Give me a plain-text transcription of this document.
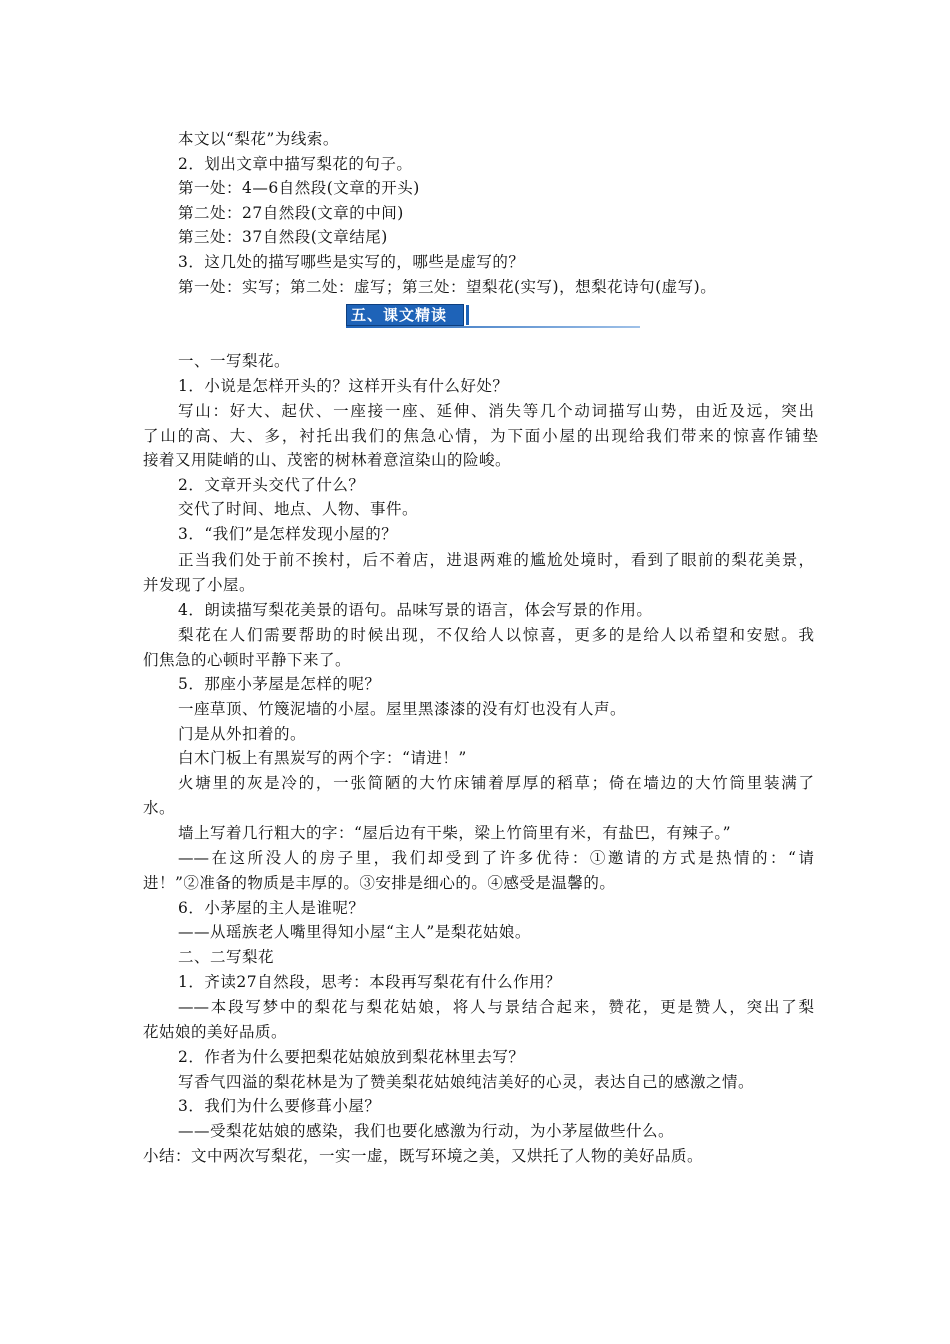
本文以“梨花”为线索。
2．划出文章中描写梨花的句子。
第一处：4—6自然段(文章的开头)
第二处：27自然段(文章的中间)
第三处：37自然段(文章结尾)
3．这几处的描写哪些是实写的，哪些是虚写的？
第一处：实写；第二处：虚写；第三处：望梨花(实写)，想梨花诗句(虚写)。
五、课文精读
一、一写梨花。
1．小说是怎样开头的？这样开头有什么好处？
写山：好大、起伏、一座接一座、延伸、消失等几个动词描写山势，由近及远，突出
了山的高、大、多，衬托出我们的焦急心情，为下面小屋的出现给我们带来的惊喜作铺垫
接着又用陡峭的山、茂密的树林着意渲染山的险峻。
2．文章开头交代了什么？
交代了时间、地点、人物、事件。
3．“我们”是怎样发现小屋的？
正当我们处于前不挨村，后不着店，进退两难的尴尬处境时，看到了眼前的梨花美景，
并发现了小屋。
4．朗读描写梨花美景的语句。品味写景的语言，体会写景的作用。
梨花在人们需要帮助的时候出现，不仅给人以惊喜，更多的是给人以希望和安慰。我
们焦急的心顿时平静下来了。
5．那座小茅屋是怎样的呢？
一座草顶、竹篾泥墙的小屋。屋里黑漆漆的没有灯也没有人声。
门是从外扣着的。
白木门板上有黑炭写的两个字：“请进！”
火塘里的灰是冷的，一张简陋的大竹床铺着厚厚的稻草；倚在墙边的大竹筒里装满了
水。
墙上写着几行粗大的字：“屋后边有干柴，梁上竹筒里有米，有盐巴，有辣子。”
——在这所没人的房子里，我们却受到了许多优待：①邀请的方式是热情的：“请
进！”②准备的物质是丰厚的。③安排是细心的。④感受是温馨的。
6．小茅屋的主人是谁呢？
——从瑶族老人嘴里得知小屋“主人”是梨花姑娘。
二、二写梨花
1．齐读27自然段，思考：本段再写梨花有什么作用？
——本段写梦中的梨花与梨花姑娘，将人与景结合起来，赞花，更是赞人，突出了梨
花姑娘的美好品质。
2．作者为什么要把梨花姑娘放到梨花林里去写？
写香气四溢的梨花林是为了赞美梨花姑娘纯洁美好的心灵，表达自己的感激之情。
3．我们为什么要修葺小屋？
——受梨花姑娘的感染，我们也要化感激为行动，为小茅屋做些什么。
小结：文中两次写梨花，一实一虚，既写环境之美，又烘托了人物的美好品质。
